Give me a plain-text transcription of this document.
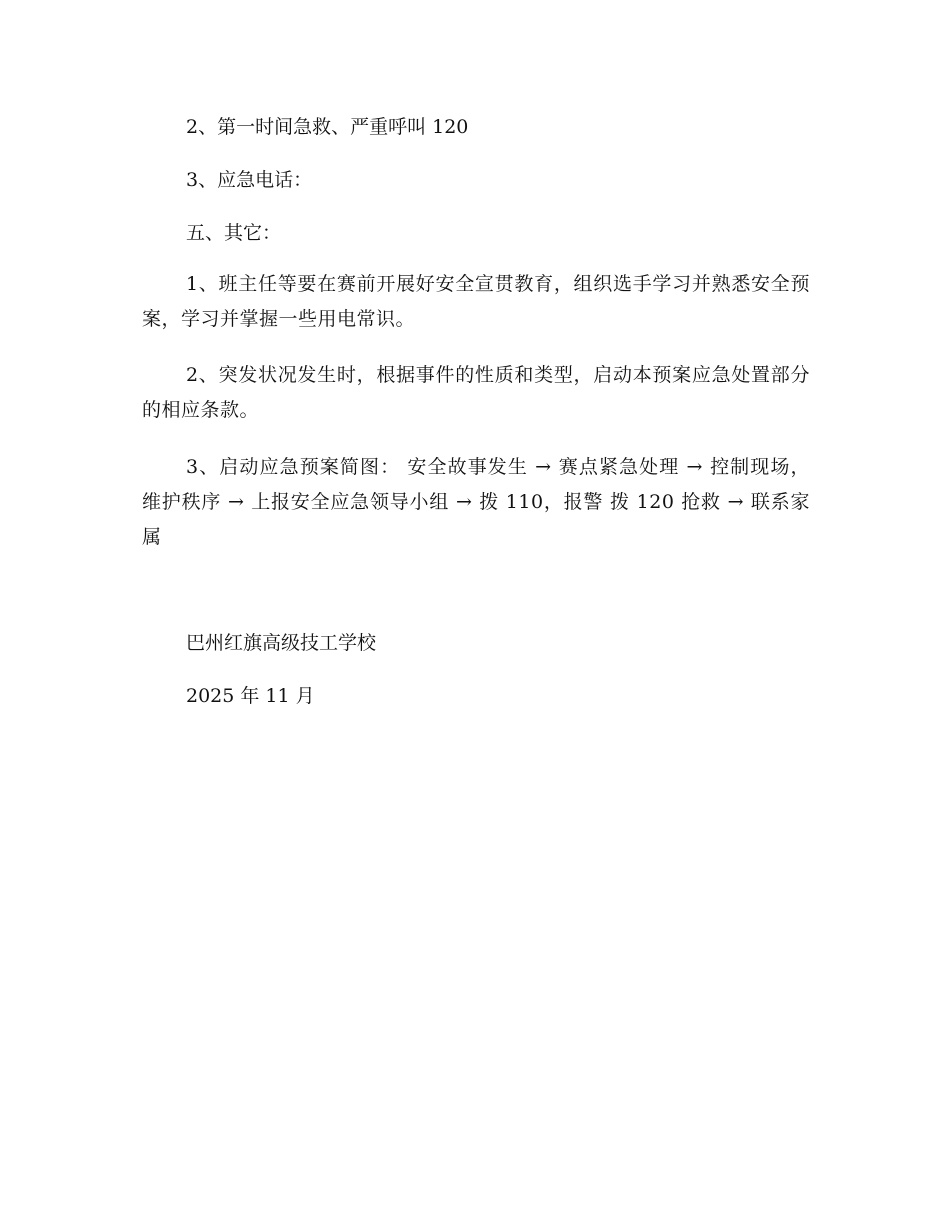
2、第一时间急救、严重呼叫 120
3、应急电话：
五、其它：
1、班主任等要在赛前开展好安全宣贯教育，组织选手学习并熟悉安全预案，学习并掌握一些用电常识。
2、突发状况发生时，根据事件的性质和类型，启动本预案应急处置部分的相应条款。
3、启动应急预案简图： 安全故事发生 → 赛点紧急处理 → 控制现场，维护秩序 → 上报安全应急领导小组 → 拨 110，报警 拨 120 抢救 → 联系家属
巴州红旗高级技工学校
2025 年 11 月
